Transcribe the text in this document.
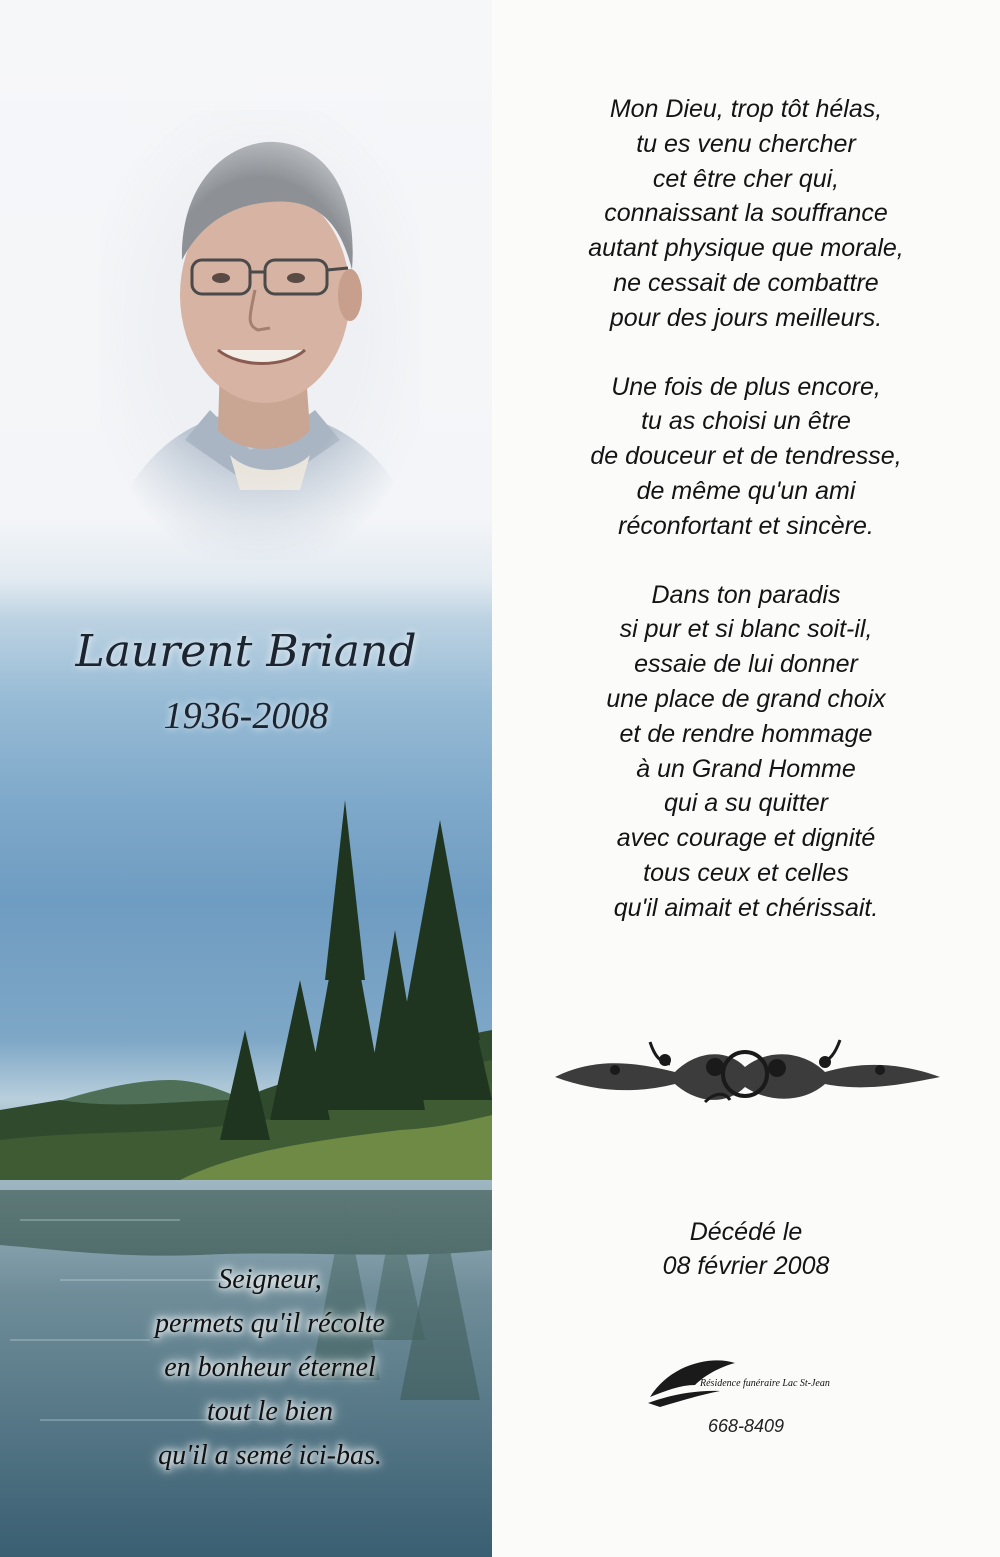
Laurent Briand
1936-2008
Seigneur,
permets qu'il récolte
en bonheur éternel
tout le bien
qu'il a semé ici-bas.
Mon Dieu, trop tôt hélas,
tu es venu chercher
cet être cher qui,
connaissant la souffrance
autant physique que morale,
ne cessait de combattre
pour des jours meilleurs.
Une fois de plus encore,
tu as choisi un être
de douceur et de tendresse,
de même qu'un ami
réconfortant et sincère.
Dans ton paradis
si pur et si blanc soit-il,
essaie de lui donner
une place de grand choix
et de rendre hommage
à un Grand Homme
qui a su quitter
avec courage et dignité
tous ceux et celles
qu'il aimait et chérissait.
Décédé le
08 février 2008
Résidence funéraire Lac St-Jean
668-8409
